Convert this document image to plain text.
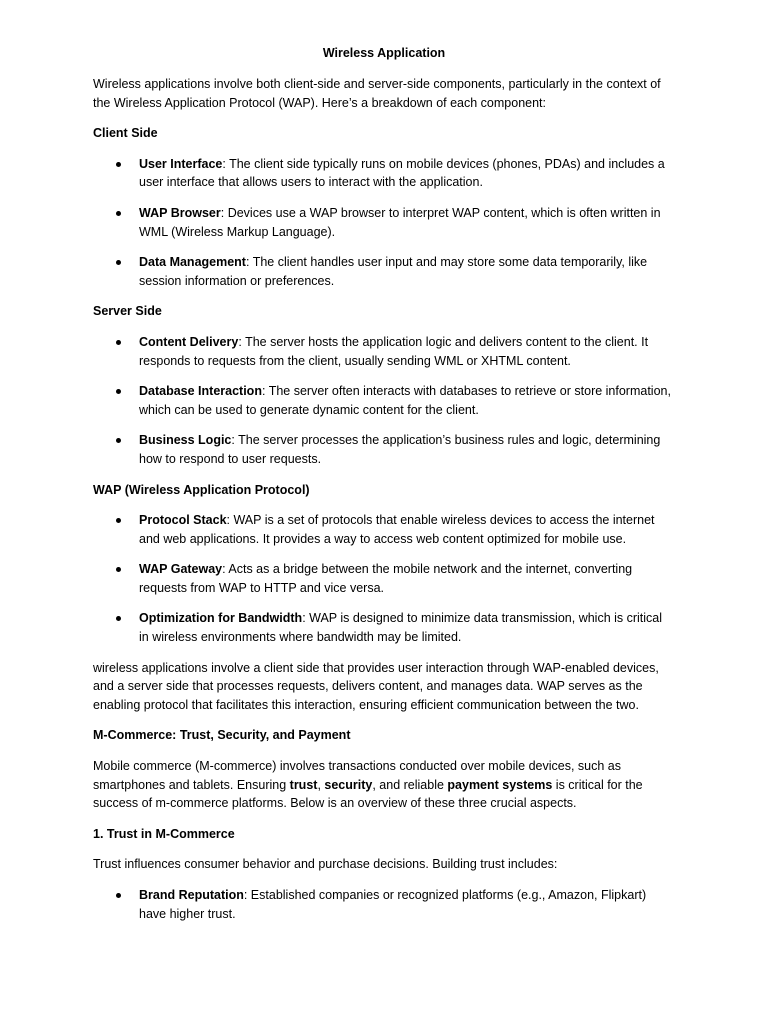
Wireless Application

Wireless applications involve both client-side and server-side components, particularly in the context of the Wireless Application Protocol (WAP). Here’s a breakdown of each component:

Client Side

User Interface: The client side typically runs on mobile devices (phones, PDAs) and includes a user interface that allows users to interact with the application.
WAP Browser: Devices use a WAP browser to interpret WAP content, which is often written in WML (Wireless Markup Language).
Data Management: The client handles user input and may store some data temporarily, like session information or preferences.

Server Side

Content Delivery: The server hosts the application logic and delivers content to the client. It responds to requests from the client, usually sending WML or XHTML content.
Database Interaction: The server often interacts with databases to retrieve or store information, which can be used to generate dynamic content for the client.
Business Logic: The server processes the application’s business rules and logic, determining how to respond to user requests.

WAP (Wireless Application Protocol)

Protocol Stack: WAP is a set of protocols that enable wireless devices to access the internet and web applications. It provides a way to access web content optimized for mobile use.
WAP Gateway: Acts as a bridge between the mobile network and the internet, converting requests from WAP to HTTP and vice versa.
Optimization for Bandwidth: WAP is designed to minimize data transmission, which is critical in wireless environments where bandwidth may be limited.

wireless applications involve a client side that provides user interaction through WAP-enabled devices, and a server side that processes requests, delivers content, and manages data. WAP serves as the enabling protocol that facilitates this interaction, ensuring efficient communication between the two.

M-Commerce: Trust, Security, and Payment

Mobile commerce (M-commerce) involves transactions conducted over mobile devices, such as smartphones and tablets. Ensuring trust, security, and reliable payment systems is critical for the success of m-commerce platforms. Below is an overview of these three crucial aspects.

1. Trust in M-Commerce

Trust influences consumer behavior and purchase decisions. Building trust includes:

Brand Reputation: Established companies or recognized platforms (e.g., Amazon, Flipkart) have higher trust.
